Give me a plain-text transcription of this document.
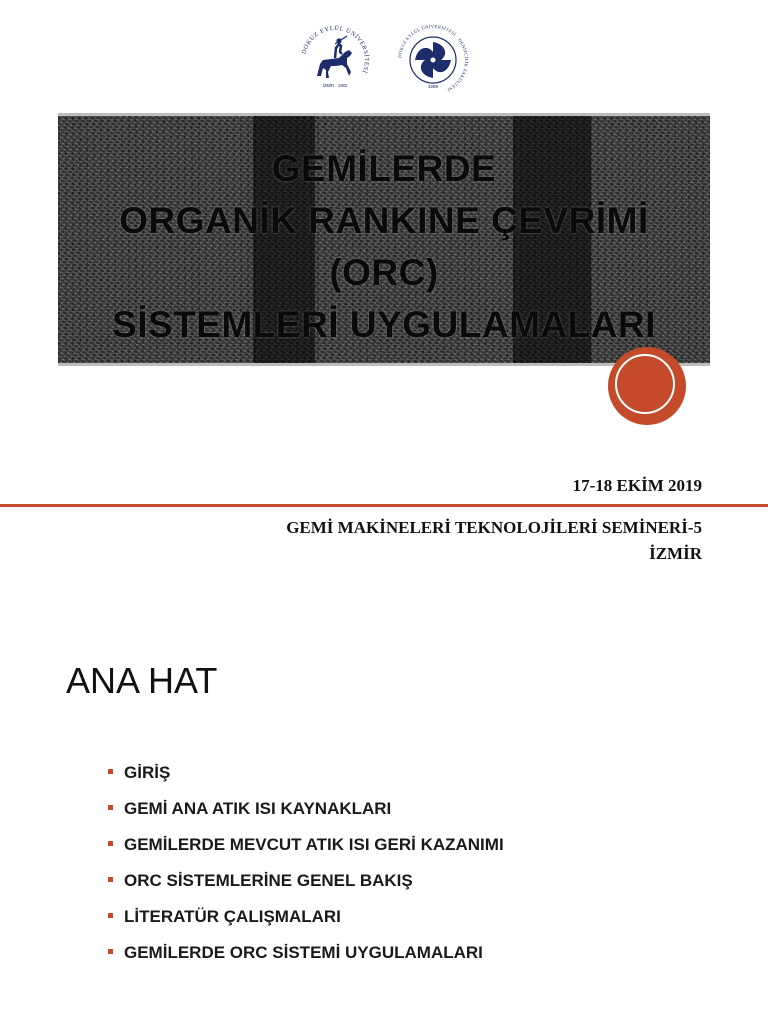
DOKUZ EYLÜL ÜNİVERSİTESİ
İZMİR · 1982
DOKUZ EYLÜL ÜNİVERSİTESİ · DENİZCİLİK FAKÜLTESİ
1988
GEMİLERDE
ORGANİK RANKINE ÇEVRİMİ
(ORC)
SİSTEMLERİ UYGULAMALARI
17-18 EKİM 2019
GEMİ MAKİNELERİ TEKNOLOJİLERİ SEMİNERİ-5
İZMİR
ANA HAT
GİRİŞ
GEMİ ANA ATIK ISI KAYNAKLARI
GEMİLERDE MEVCUT ATIK ISI GERİ KAZANIMI
ORC SİSTEMLERİNE GENEL BAKIŞ
LİTERATÜR ÇALIŞMALARI
GEMİLERDE ORC SİSTEMİ UYGULAMALARI
